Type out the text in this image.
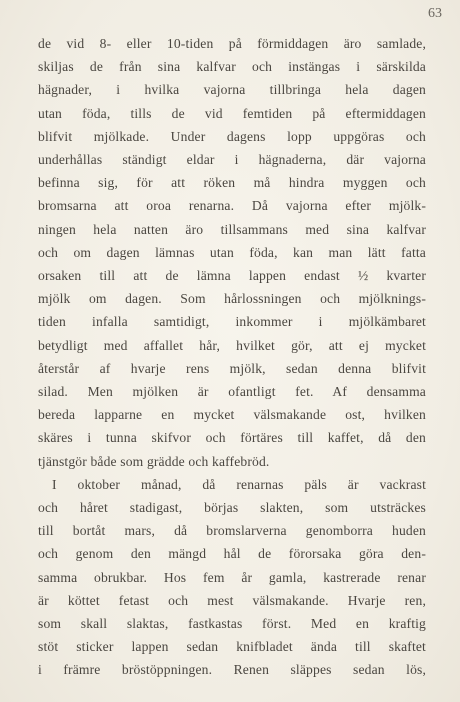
63

de vid 8- eller 10-tiden på förmiddagen äro samlade,
skiljas de från sina kalfvar och instängas i särskilda
hägnader, i hvilka vajorna tillbringa hela dagen
utan föda, tills de vid femtiden på eftermiddagen
blifvit mjölkade. Under dagens lopp uppgöras och
underhållas ständigt eldar i hägnaderna, där vajorna
befinna sig, för att röken må hindra myggen och
bromsarna att oroa renarna. Då vajorna efter mjölk-
ningen hela natten äro tillsammans med sina kalfvar
och om dagen lämnas utan föda, kan man lätt fatta
orsaken till att de lämna lappen endast ½ kvarter
mjölk om dagen. Som hårlossningen och mjölknings-
tiden infalla samtidigt, inkommer i mjölkämbaret
betydligt med affallet hår, hvilket gör, att ej mycket
återstår af hvarje rens mjölk, sedan denna blifvit
silad. Men mjölken är ofantligt fet. Af densamma
bereda lapparne en mycket välsmakande ost, hvilken
skäres i tunna skifvor och förtäres till kaffet, då den
tjänstgör både som grädde och kaffebröd.

I oktober månad, då renarnas päls är vackrast
och håret stadigast, börjas slakten, som utsträckes
till bortåt mars, då bromslarverna genomborra huden
och genom den mängd hål de förorsaka göra den-
samma obrukbar. Hos fem år gamla, kastrerade renar
är köttet fetast och mest välsmakande. Hvarje ren,
som skall slaktas, fastkastas först. Med en kraftig
stöt sticker lappen sedan knifbladet ända till skaftet
i främre bröstöppningen. Renen släppes sedan lös,
